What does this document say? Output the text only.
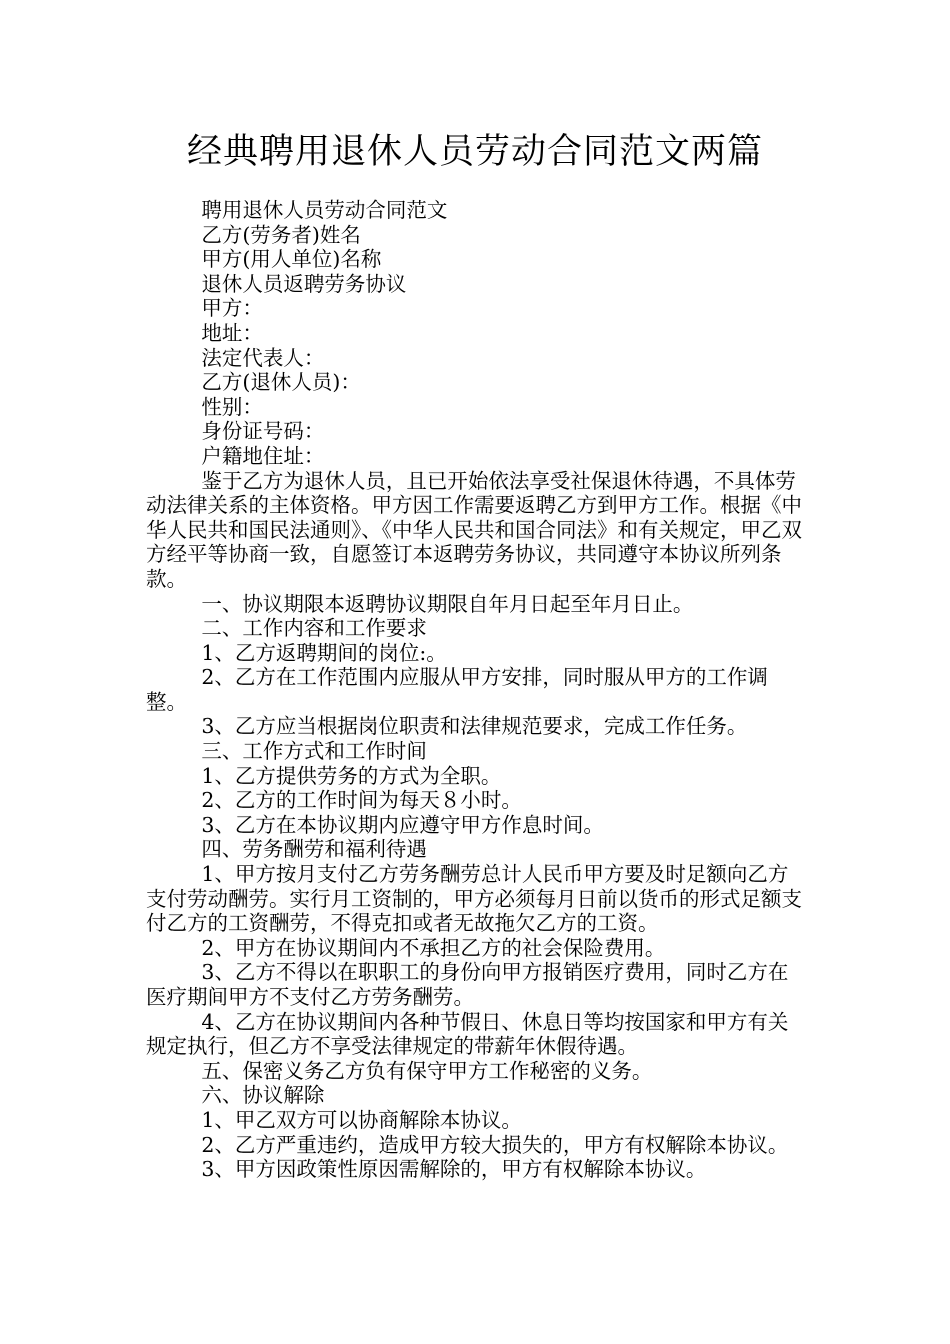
经典聘用退休人员劳动合同范文两篇

聘用退休人员劳动合同范文

乙方(劳务者)姓名

甲方(用人单位)名称

退休人员返聘劳务协议

甲方：

地址：

法定代表人：

乙方(退休人员)：

性别：

身份证号码：

户籍地住址：

鉴于乙方为退休人员，且已开始依法享受社保退休待遇，不具体劳动法律关系的主体资格。甲方因工作需要返聘乙方到甲方工作。根据《中华人民共和国民法通则》、《中华人民共和国合同法》和有关规定，甲乙双方经平等协商一致，自愿签订本返聘劳务协议，共同遵守本协议所列条款。

一、协议期限本返聘协议期限自年月日起至年月日止。

二、工作内容和工作要求

1、乙方返聘期间的岗位:。

2、乙方在工作范围内应服从甲方安排，同时服从甲方的工作调整。

3、乙方应当根据岗位职责和法律规范要求，完成工作任务。

三、工作方式和工作时间

1、乙方提供劳务的方式为全职。

2、乙方的工作时间为每天８小时。

3、乙方在本协议期内应遵守甲方作息时间。

四、劳务酬劳和福利待遇

1、甲方按月支付乙方劳务酬劳总计人民币甲方要及时足额向乙方支付劳动酬劳。实行月工资制的，甲方必须每月日前以货币的形式足额支付乙方的工资酬劳，不得克扣或者无故拖欠乙方的工资。

2、甲方在协议期间内不承担乙方的社会保险费用。

3、乙方不得以在职职工的身份向甲方报销医疗费用，同时乙方在医疗期间甲方不支付乙方劳务酬劳。

4、乙方在协议期间内各种节假日、休息日等均按国家和甲方有关规定执行，但乙方不享受法律规定的带薪年休假待遇。

五、保密义务乙方负有保守甲方工作秘密的义务。

六、协议解除

1、甲乙双方可以协商解除本协议。

2、乙方严重违约，造成甲方较大损失的，甲方有权解除本协议。

3、甲方因政策性原因需解除的，甲方有权解除本协议。
